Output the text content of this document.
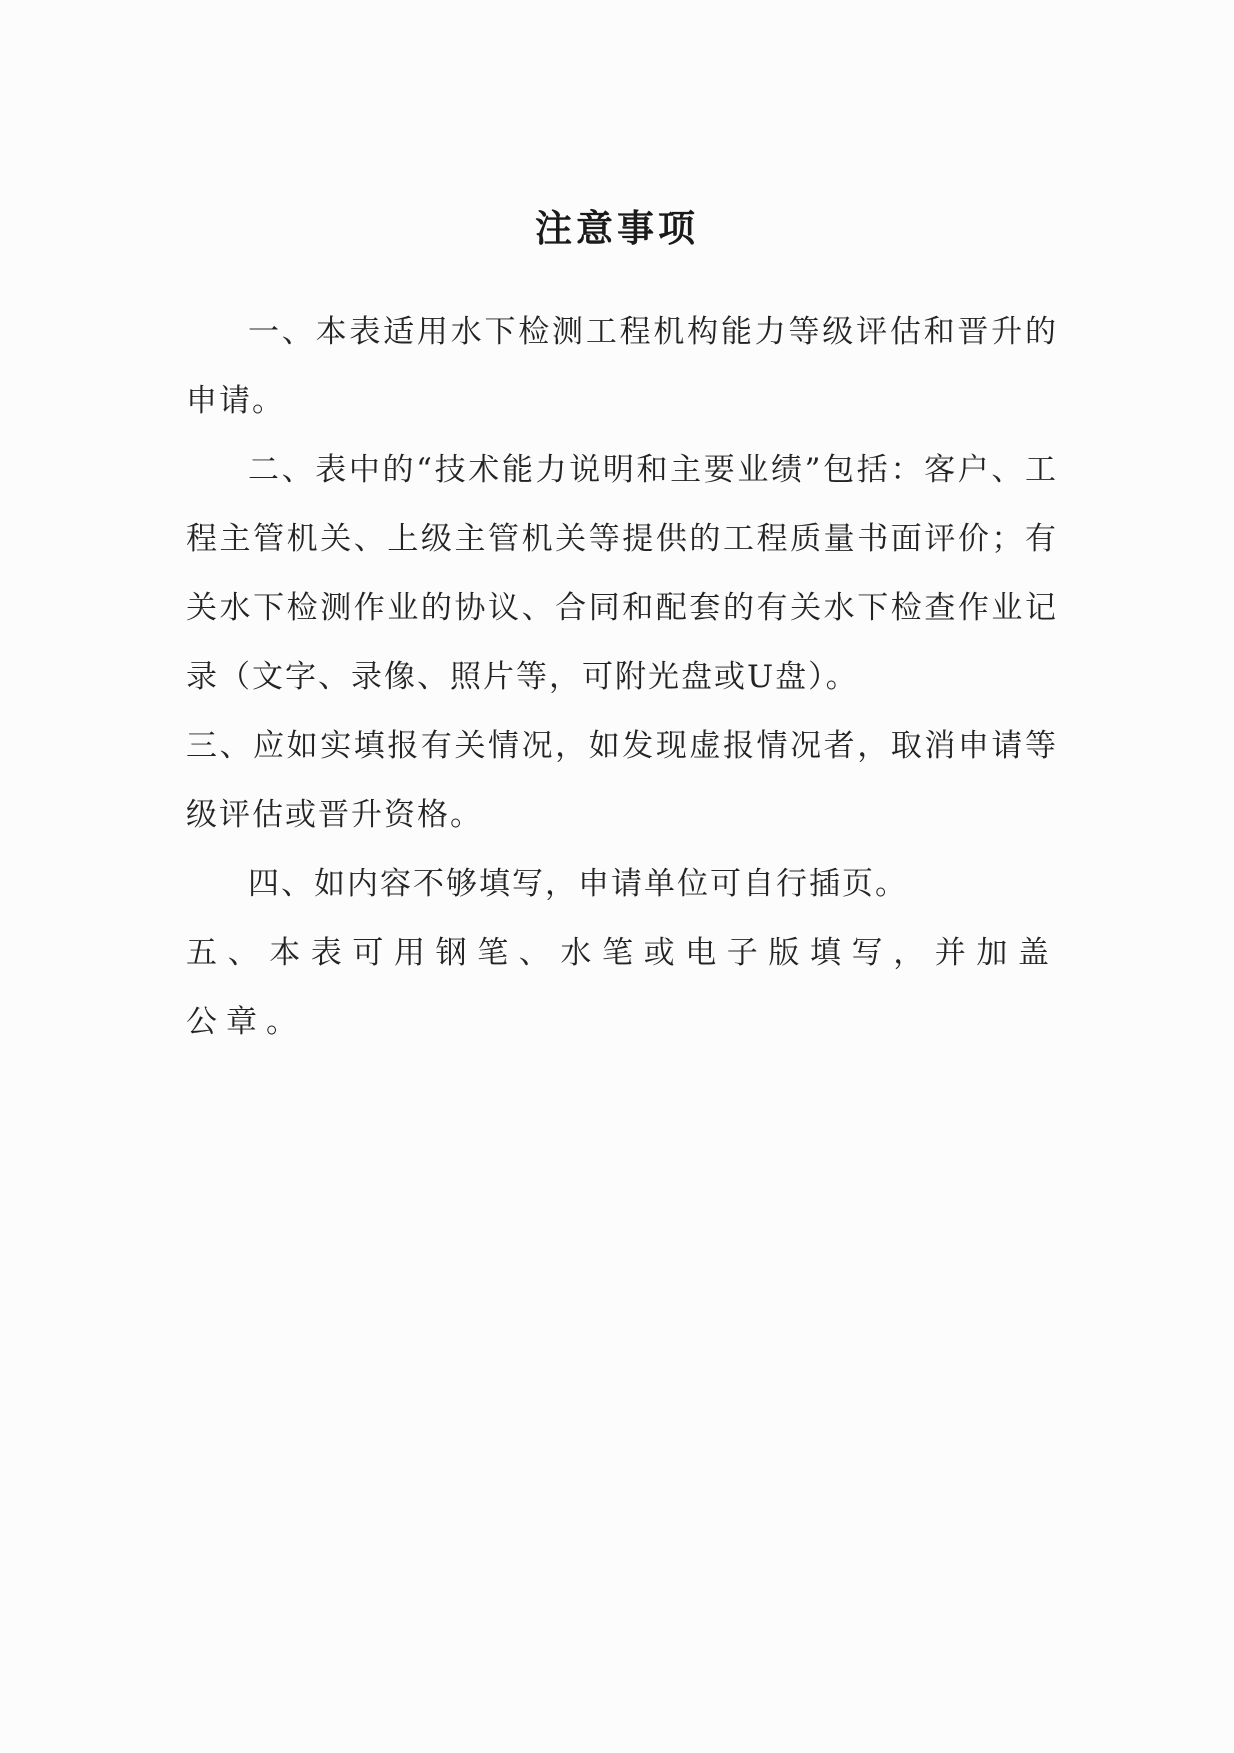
注意事项

一、本表适用水下检测工程机构能力等级评估和晋升的申请。

二、表中的“技术能力说明和主要业绩”包括：客户、工程主管机关、上级主管机关等提供的工程质量书面评价；有关水下检测作业的协议、合同和配套的有关水下检查作业记录（文字、录像、照片等，可附光盘或U盘）。

三、应如实填报有关情况，如发现虚报情况者，取消申请等级评估或晋升资格。

四、如内容不够填写，申请单位可自行插页。

五、本表可用钢笔、水笔或电子版填写，并加盖公章。
